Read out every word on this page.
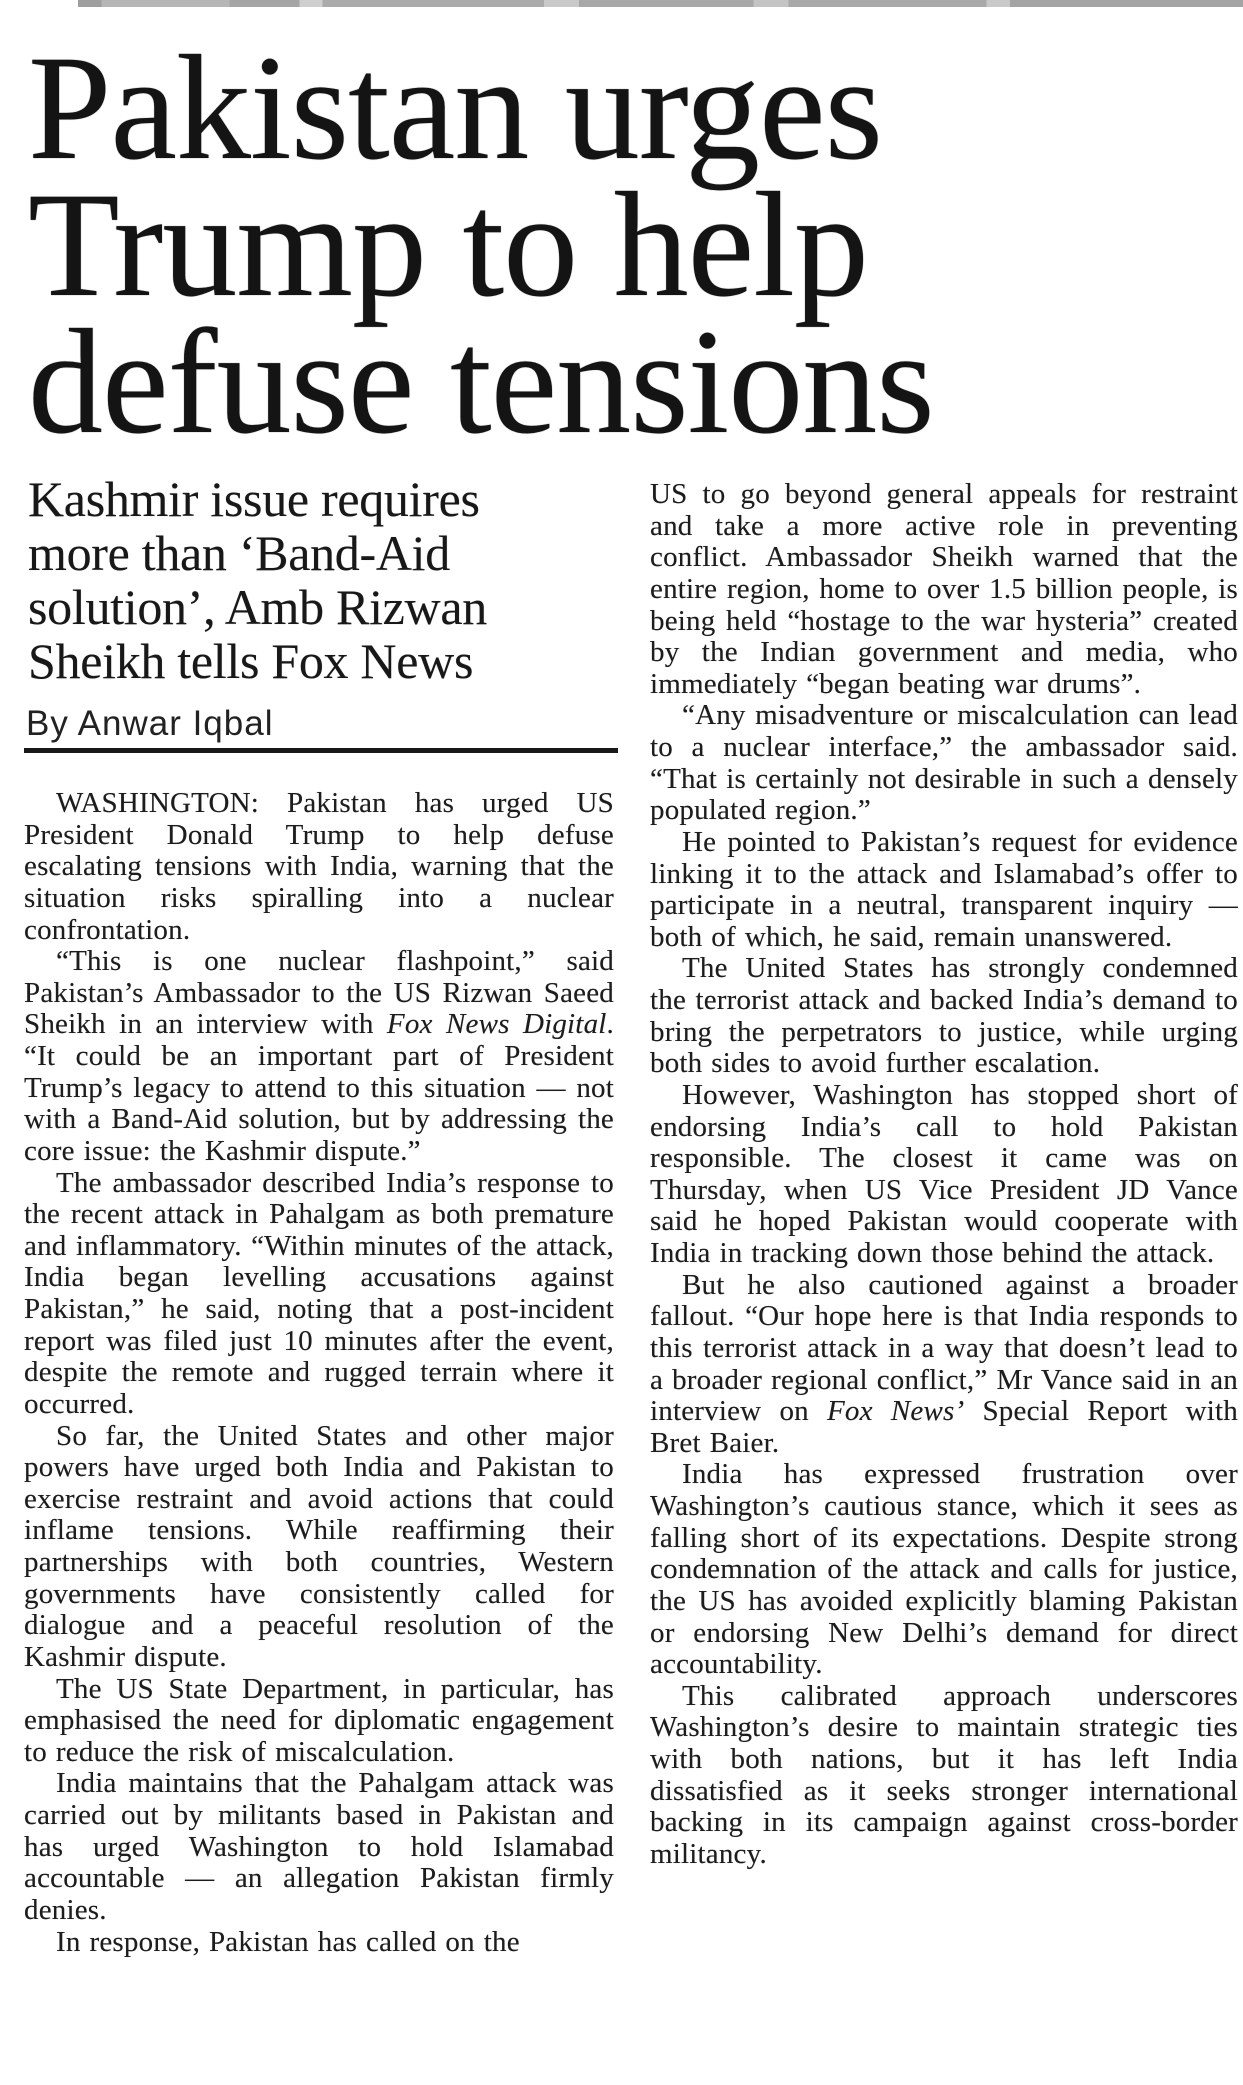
Pakistan urges
Trump to help
defuse tensions
Kashmir issue requires
more than ‘Band-Aid
solution’, Amb Rizwan
Sheikh tells Fox News
By Anwar Iqbal

WASHINGTON: Pakistan has urged US President Donald Trump to help defuse escalating tensions with India, warning that the situation risks spiralling into a nuclear confrontation.

“This is one nuclear flashpoint,” said Pakistan’s Ambassador to the US Rizwan Saeed Sheikh in an interview with Fox News Digital. “It could be an important part of President Trump’s legacy to attend to this situation — not with a Band-Aid solution, but by addressing the core issue: the Kashmir dispute.”

The ambassador described India’s response to the recent attack in Pahalgam as both premature and inflammatory. “Within minutes of the attack, India began levelling accusations against Pakistan,” he said, noting that a post-incident report was filed just 10 minutes after the event, despite the remote and rugged terrain where it occurred.

So far, the United States and other major powers have urged both India and Pakistan to exercise restraint and avoid actions that could inflame tensions. While reaffirming their partnerships with both countries, Western governments have consistently called for dialogue and a peaceful resolution of the Kashmir dispute.

The US State Department, in particular, has emphasised the need for diplomatic engagement to reduce the risk of miscalculation.

India maintains that the Pahalgam attack was carried out by militants based in Pakistan and has urged Washington to hold Islamabad accountable — an allegation Pakistan firmly denies.

In response, Pakistan has called on the

US to go beyond general appeals for restraint and take a more active role in preventing conflict. Ambassador Sheikh warned that the entire region, home to over 1.5 billion people, is being held “hostage to the war hysteria” created by the Indian government and media, who immediately “began beating war drums”.

“Any misadventure or miscalculation can lead to a nuclear interface,” the ambassador said. “That is certainly not desirable in such a densely populated region.”

He pointed to Pakistan’s request for evidence linking it to the attack and Islamabad’s offer to participate in a neutral, transparent inquiry — both of which, he said, remain unanswered.

The United States has strongly condemned the terrorist attack and backed India’s demand to bring the perpetrators to justice, while urging both sides to avoid further escalation.

However, Washington has stopped short of endorsing India’s call to hold Pakistan responsible. The closest it came was on Thursday, when US Vice President JD Vance said he hoped Pakistan would cooperate with India in tracking down those behind the attack.

But he also cautioned against a broader fallout. “Our hope here is that India responds to this terrorist attack in a way that doesn’t lead to a broader regional conflict,” Mr Vance said in an interview on Fox News’ Special Report with Bret Baier.

India has expressed frustration over Washington’s cautious stance, which it sees as falling short of its expectations. Despite strong condemnation of the attack and calls for justice, the US has avoided explicitly blaming Pakistan or endorsing New Delhi’s demand for direct accountability.

This calibrated approach underscores Washington’s desire to maintain strategic ties with both nations, but it has left India dissatisfied as it seeks stronger international backing in its campaign against cross-border militancy.
